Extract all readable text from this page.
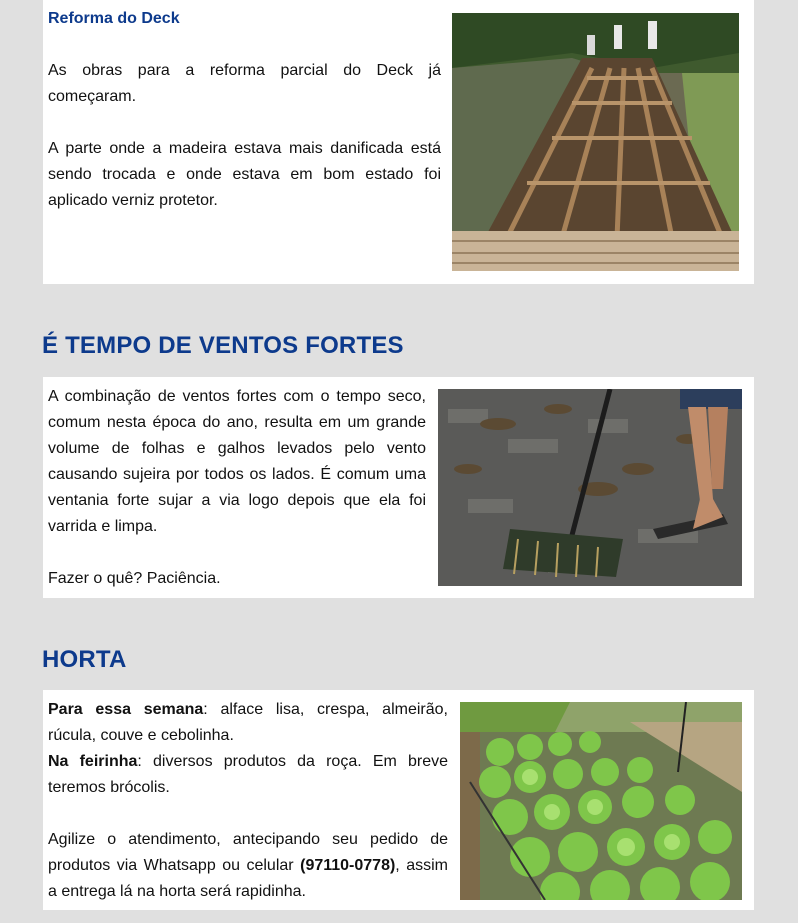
Reforma do Deck

As obras para a reforma parcial do Deck já começaram.

A parte onde a madeira estava mais danificada está sendo trocada e onde estava em bom estado foi aplicado verniz protetor.

É TEMPO DE VENTOS FORTES

A combinação de ventos fortes com o tempo seco, comum nesta época do ano, resulta em um grande volume de folhas e galhos levados pelo vento causando sujeira por todos os lados. É comum uma ventania forte sujar a via logo depois que ela foi varrida e limpa.

Fazer o quê? Paciência.

HORTA

Para essa semana: alface lisa, crespa, almeirão, rúcula, couve e cebolinha.

Na feirinha: diversos produtos da roça. Em breve teremos brócolis.

Agilize o atendimento, antecipando seu pedido de produtos via Whatsapp ou celular (97110-0778), assim a entrega lá na horta será rapidinha.
